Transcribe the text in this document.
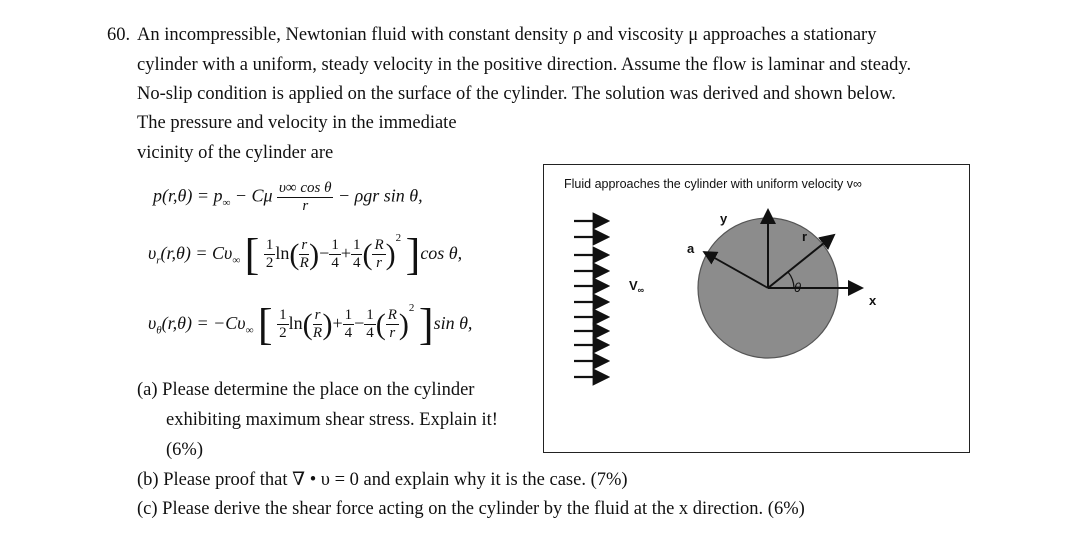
60. An incompressible, Newtonian fluid with constant density ρ and viscosity μ approaches a stationary
cylinder with a uniform, steady velocity in the positive direction. Assume the flow is laminar and steady.
No-slip condition is applied on the surface of the cylinder. The solution was derived and shown below.
The pressure and velocity in the immediate
vicinity of the cylinder are
$p(r,\theta) = p_\infty - C\mu \frac{\text{υ∞ cos θ}}{r} - \rho gr$ sin θ,
$\upsilon_r(r,\theta) = C\upsilon_\infty$ [ $\frac{1}{2} \ln( \frac{r}{R}$ )− $\frac{1}{4} + \frac{1}{4}$ ( $\frac{R}{r} )^2$ ]cos θ,
$\upsilon_\theta(r,\theta) = -C\upsilon_\infty$ [ $\frac{1}{2} \ln( \frac{r}{R}$ )+ $\frac{1}{4} - \frac{1}{4}$ ( $\frac{R}{r} )^2$ ]sin θ,
Fluid approaches the cylinder with uniform velocity v∞
y
x
a
r
θ
$V_\infty$
(a) Please determine the place on the cylinder
exhibiting maximum shear stress. Explain it!
(6%)
(b) Please proof that ∇ • υ = 0 and explain why it is the case. (7%)
(c) Please derive the shear force acting on the cylinder by the fluid at the x direction. (6%)
